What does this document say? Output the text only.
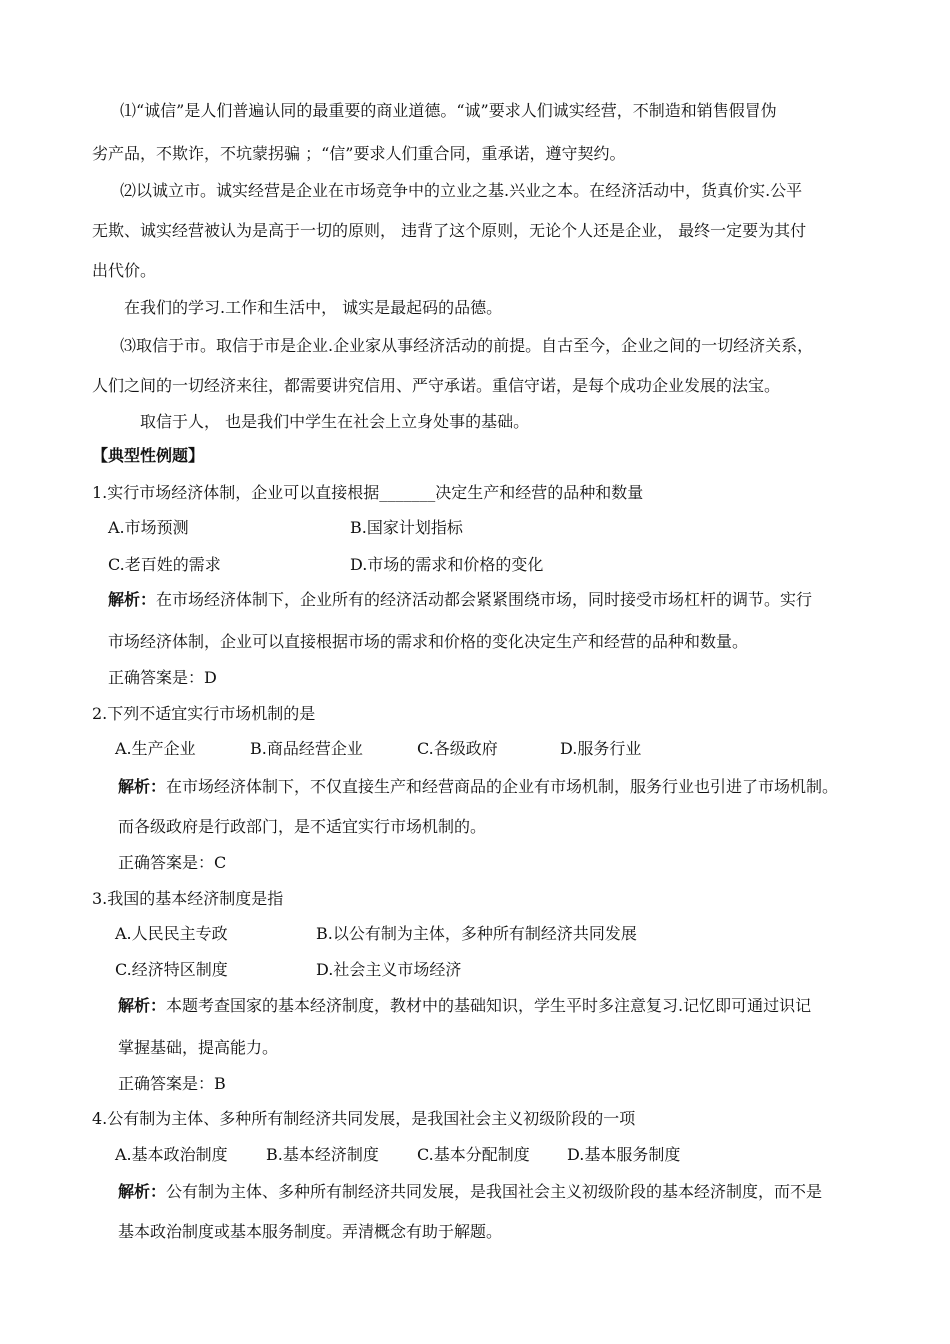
⑴“诚信”是人们普遍认同的最重要的商业道德。“诚”要求人们诚实经营，不制造和销售假冒伪
劣产品，不欺诈，不坑蒙拐骗 ；“信”要求人们重合同，重承诺，遵守契约。
⑵以诚立市。诚实经营是企业在市场竞争中的立业之基.兴业之本。在经济活动中，货真价实.公平
无欺、诚实经营被认为是高于一切的原则， 违背了这个原则，无论个人还是企业， 最终一定要为其付
出代价。
在我们的学习.工作和生活中， 诚实是最起码的品德。
⑶取信于市。取信于市是企业.企业家从事经济活动的前提。自古至今，企业之间的一切经济关系，
人们之间的一切经济来往，都需要讲究信用、严守承诺。重信守诺，是每个成功企业发展的法宝。
取信于人， 也是我们中学生在社会上立身处事的基础。
【典型性例题】
1.实行市场经济体制，企业可以直接根据_______决定生产和经营的品种和数量
A.市场预测	B.国家计划指标
C.老百姓的需求	D.市场的需求和价格的变化
解析：在市场经济体制下，企业所有的经济活动都会紧紧围绕市场，同时接受市场杠杆的调节。实行
市场经济体制，企业可以直接根据市场的需求和价格的变化决定生产和经营的品种和数量。
正确答案是：D
2.下列不适宜实行市场机制的是
A.生产企业	B.商品经营企业	C.各级政府	D.服务行业
解析：在市场经济体制下，不仅直接生产和经营商品的企业有市场机制，服务行业也引进了市场机制。
而各级政府是行政部门，是不适宜实行市场机制的。
正确答案是：C
3.我国的基本经济制度是指
A.人民民主专政	B.以公有制为主体，多种所有制经济共同发展
C.经济特区制度	D.社会主义市场经济
解析：本题考查国家的基本经济制度，教材中的基础知识，学生平时多注意复习.记忆即可通过识记
掌握基础，提高能力。
正确答案是：B
4.公有制为主体、多种所有制经济共同发展，是我国社会主义初级阶段的一项
A.基本政治制度 B.基本经济制度 C.基本分配制度 D.基本服务制度
解析：公有制为主体、多种所有制经济共同发展，是我国社会主义初级阶段的基本经济制度，而不是
基本政治制度或基本服务制度。弄清概念有助于解题。
